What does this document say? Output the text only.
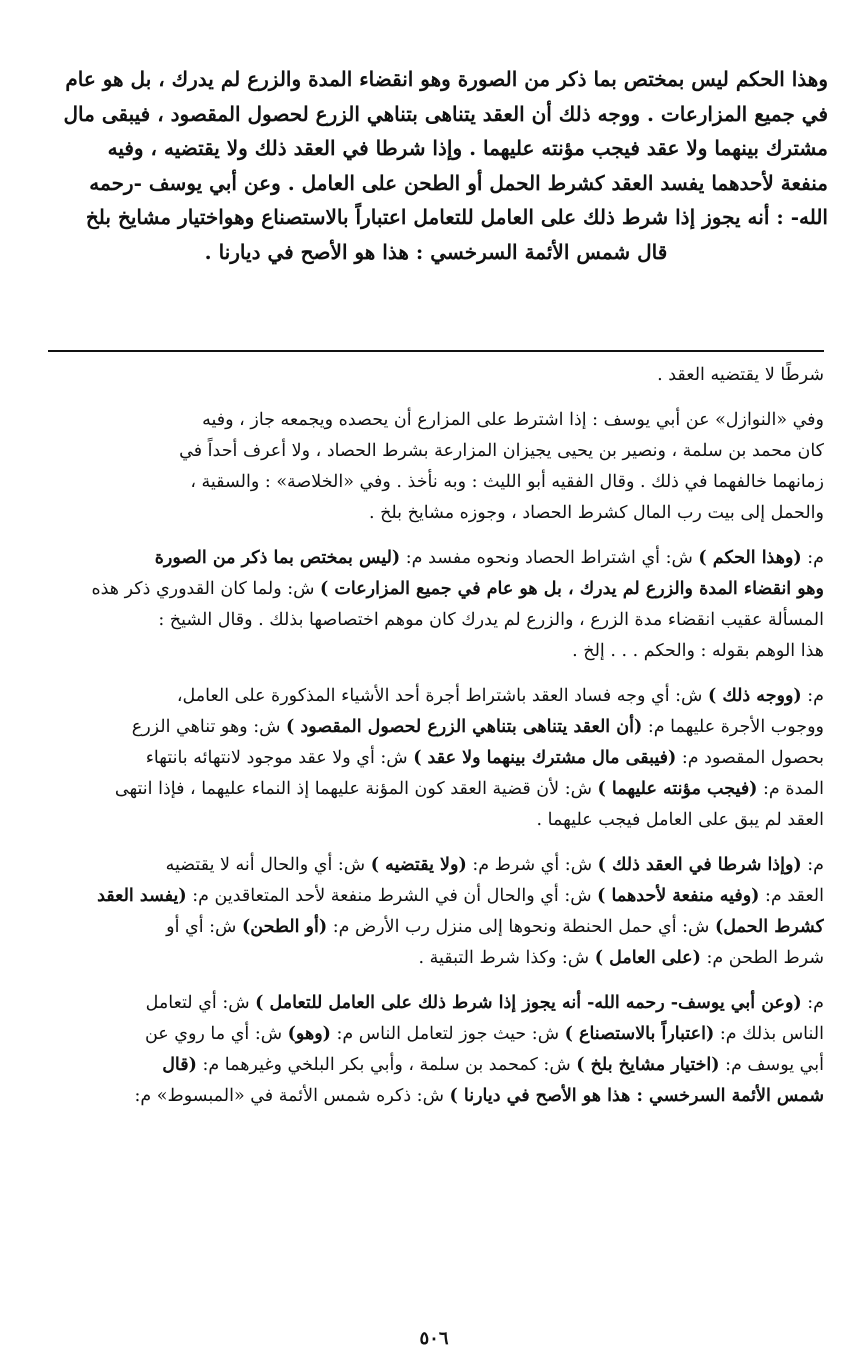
وهذا الحكم ليس بمختص بما ذكر من الصورة وهو انقضاء المدة والزرع لم يدرك ، بل هو عام
في جميع المزارعات . ووجه ذلك أن العقد يتناهى بتناهي الزرع لحصول المقصود ، فيبقى مال
مشترك بينهما ولا عقد فيجب مؤنته عليهما . وإذا شرطا في العقد ذلك ولا يقتضيه ، وفيه
منفعة لأحدهما يفسد العقد كشرط الحمل أو الطحن على العامل . وعن أبي يوسف -رحمه
الله- : أنه يجوز إذا شرط ذلك على العامل للتعامل اعتباراً بالاستصناع وهواختيار مشايخ بلخ
قال شمس الأئمة السرخسي : هذا هو الأصح في ديارنا .
شرطًا لا يقتضيه العقد .
وفي «النوازل» عن أبي يوسف : إذا اشترط على المزارع أن يحصده ويجمعه جاز ، وفيه
كان محمد بن سلمة ، ونصير بن يحيى يجيزان المزارعة بشرط الحصاد ، ولا أعرف أحداً في
زمانهما خالفهما في ذلك . وقال الفقيه أبو الليث : وبه نأخذ . وفي «الخلاصة» : والسقية ،
والحمل إلى بيت رب المال كشرط الحصاد ، وجوزه مشايخ بلخ .
م: (وهذا الحكم ) ش: أي اشتراط الحصاد ونحوه مفسد م: (ليس بمختص بما ذكر من الصورة
وهو انقضاء المدة والزرع لم يدرك ، بل هو عام في جميع المزارعات ) ش: ولما كان القدوري ذكر هذه
المسألة عقيب انقضاء مدة الزرع ، والزرع لم يدرك كان موهم اختصاصها بذلك . وقال الشيخ :
هذا الوهم بقوله : والحكم . . . إلخ .
م: (ووجه ذلك ) ش: أي وجه فساد العقد باشتراط أجرة أحد الأشياء المذكورة على العامل،
ووجوب الأجرة عليهما م: (أن العقد يتناهى بتناهي الزرع لحصول المقصود ) ش: وهو تناهي الزرع
بحصول المقصود م: (فيبقى مال مشترك بينهما ولا عقد ) ش: أي ولا عقد موجود لانتهائه بانتهاء
المدة م: (فيجب مؤنته عليهما ) ش: لأن قضية العقد كون المؤنة عليهما إذ النماء عليهما ، فإذا انتهى
العقد لم يبق على العامل فيجب عليهما .
م: (وإذا شرطا في العقد ذلك ) ش: أي شرط م: (ولا يقتضيه ) ش: أي والحال أنه لا يقتضيه
العقد م: (وفيه منفعة لأحدهما ) ش: أي والحال أن في الشرط منفعة لأحد المتعاقدين م: (يفسد العقد
كشرط الحمل) ش: أي حمل الحنطة ونحوها إلى منزل رب الأرض م: (أو الطحن) ش: أي أو
شرط الطحن م: (على العامل ) ش: وكذا شرط التبقية .
م: (وعن أبي يوسف- رحمه الله- أنه يجوز إذا شرط ذلك على العامل للتعامل ) ش: أي لتعامل
الناس بذلك م: (اعتباراً بالاستصناع ) ش: حيث جوز لتعامل الناس م: (وهو) ش: أي ما روي عن
أبي يوسف م: (اختيار مشايخ بلخ ) ش: كمحمد بن سلمة ، وأبي بكر البلخي وغيرهما م: (قال
شمس الأئمة السرخسي : هذا هو الأصح في ديارنا ) ش: ذكره شمس الأئمة في «المبسوط» م:
٥٠٦
